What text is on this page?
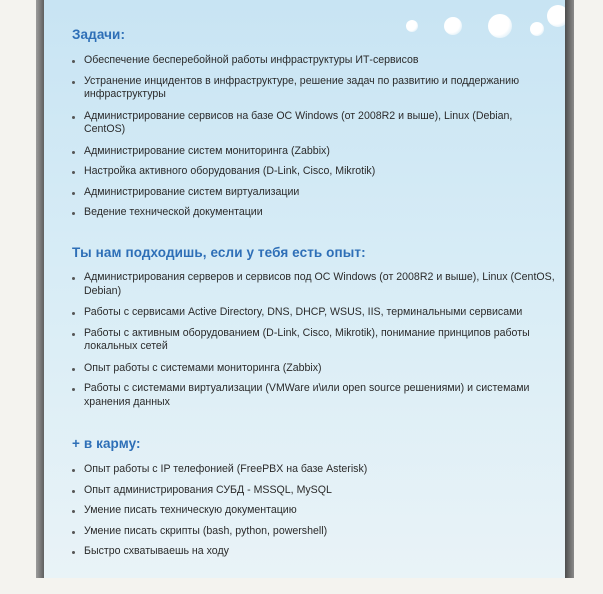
Задачи:
Обеспечение бесперебойной работы инфраструктуры ИТ-сервисов
Устранение инцидентов в инфраструктуре, решение задач по развитию и поддержанию инфраструктуры
Администрирование сервисов на базе ОС Windows (от 2008R2 и выше), Linux (Debian, CentOS)
Администрирование систем мониторинга (Zabbix)
Настройка активного оборудования (D-Link, Cisco, Mikrotik)
Администрирование систем виртуализации
Ведение технической документации
Ты нам подходишь, если у тебя есть опыт:
Администрирования серверов и сервисов под ОС Windows (от 2008R2 и выше), Linux (CentOS, Debian)
Работы с сервисами Active Directory, DNS, DHCP, WSUS, IIS, терминальными сервисами
Работы с активным оборудованием (D-Link, Cisco, Mikrotik), понимание принципов работы локальных сетей
Опыт работы с системами мониторинга (Zabbix)
Работы с системами виртуализации (VMWare и\или open source решениями) и системами хранения данных
+ в карму:
Опыт работы с IP телефонией (FreePBX на базе Asterisk)
Опыт администрирования СУБД - MSSQL, MySQL
Умение писать техническую документацию
Умение писать скрипты (bash, python, powershell)
Быстро схватываешь на ходу
